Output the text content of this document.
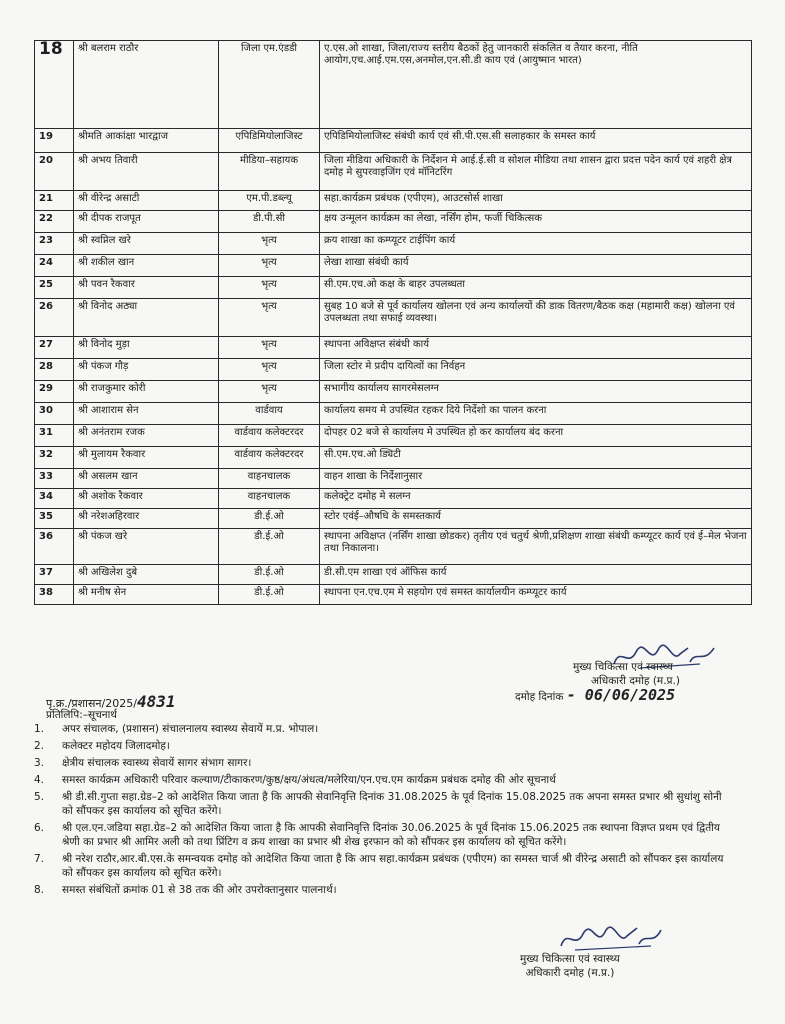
18	श्री बलराम राठौर	जिला एम.एंडडी	ए.एस.ओ शाखा, जिला/राज्य स्तरीय बैठकों हेतु जानकारी संकलित व तैयार करना, नीति आयोग,एच.आई.एम.एस,अनमोल,एन.सी.डी काय एवं (आयुष्मान भारत)
19	श्रीमति आकांक्षा भारद्वाज	एपिडिमियोलाजिस्ट	एपिडिमियोलाजिस्ट संबंधी कार्य एवं सी.पी.एस.सी सलाहकार के समस्त कार्य
20	श्री अभय तिवारी	मीडिया–सहायक	जिला मीडिया अधिकारी के निर्देशन मे आई.ई.सी व सोशल मीडिया तथा शासन द्वारा प्रदत्त पदेन कार्य एवं शहरी क्षेत्र दमोह मे सुपरवाइजिंग एवं मॉनिटरिंग
21	श्री वीरेन्द्र असाटी	एम.पी.डब्ल्यू	सहा.कार्यक्रम प्रबंधक (एपीएम), आउटसोर्स शाखा
22	श्री दीपक राजपूत	डी.पी.सी	क्षय उन्मूलन कार्यक्रम का लेखा, नर्सिंग होम, फर्जी चिकित्सक
23	श्री स्वप्निल खरे	भृत्य	क्रय शाखा का कम्प्यूटर टाईपिंग कार्य
24	श्री शकील खान	भृत्य	लेखा शाखा संबंधी कार्य
25	श्री पवन रैकवार	भृत्य	सी.एम.एच.ओ कक्ष के बाहर उपलब्धता
26	श्री विनोद अठ्या	भृत्य	सुबह 10 बजे से पूर्व कार्यालय खोलना एवं अन्य कार्यालयों की डाक वितरण/बैठक कक्ष (महामारी कक्ष) खोलना एवं उपलब्धता तथा सफाई व्यवस्था।
27	श्री विनोद मुड़ा	भृत्य	स्थापना अविक्षप्त संबंधी कार्य
28	श्री पंकज गौड़	भृत्य	जिला स्टोर मे प्रदीप दायित्वों का निर्वहन
29	श्री राजकुमार कोरी	भृत्य	सभागीय कार्यालय सागरमेसलग्न
30	श्री आशाराम सेन	वार्डवाय	कार्यालय समय मे उपस्थित रहकर दिये निर्देशो का पालन करना
31	श्री अनंतराम रजक	वार्डवाय कलेक्टरदर	दोपहर 02 बजे से कार्यालय मे उपस्थित हो कर कार्यालय बंद करना
32	श्री मुलायम रैकवार	वार्डवाय कलेक्टरदर	सी.एम.एच.ओ ड्यिटी
33	श्री असलम खान	वाहनचालक	वाहन शाखा के निर्देशानुसार
34	श्री अशोक रैकवार	वाहनचालक	कलेक्ट्रेट दमोह मे सलग्न
35	श्री नरेशअहिरवार	डी.ई.ओ	स्टोर एवंई–औषधि के समस्तकार्य
36	श्री पंकज खरे	डी.ई.ओ	स्थापना अविक्षप्त (नर्सिंग शाखा छोडकर) तृतीय एवं चतुर्थ श्रेणी,प्रशिक्षण शाखा संबंधी कम्प्यूटर कार्य एवं ई–मेल भेजना तथा निकालना।
37	श्री अखिलेश दुबे	डी.ई.ओ	डी.सी.एम शाखा एवं ऑफिस कार्य
38	श्री मनीष सेन	डी.ई.ओ	स्थापना एन.एच.एम मे सहयोग एवं समस्त कार्यालयीन कम्प्यूटर कार्य
मुख्य चिकित्सा एवं स्वास्थ्य
अधिकारी दमोह (म.प्र.)
दमोह दिनांक - 06/06/2025
पृ.क्र./प्रशासन/2025/4831
प्रतिलिपि:–सूचनार्थ
1.	अपर संचालक, (प्रशासन) संचालनालय स्वास्थ्य सेवायें म.प्र. भोपाल।
2.	कलेक्टर महोदय जिलादमोह।
3.	क्षेत्रीय संचालक स्वास्थ्य सेवायें सागर संभाग सागर।
4.	समस्त कार्यक्रम अधिकारी परिवार कल्याण/टीकाकरण/कुष्ठ/क्षय/अंधत्व/मलेरिया/एन.एच.एम कार्यक्रम प्रबंधक दमोह की ओर सूचनार्थ
5.	श्री डी.सी.गुप्ता सहा.ग्रेड–2 को आदेशित किया जाता है कि आपकी सेवानिवृत्ति दिनांक 31.08.2025 के पूर्व दिनांक 15.08.2025 तक अपना समस्त प्रभार श्री सुधांशु सोनी को सौंपकर इस कार्यालय को सूचित करेंगे।
6.	श्री एल.एन.जडिया सहा.ग्रेड–2 को आदेशित किया जाता है कि आपकी सेवानिवृत्ति दिनांक 30.06.2025 के पूर्व दिनांक 15.06.2025 तक स्थापना विज्ञप्त प्रथम एवं द्वितीय श्रेणी का प्रभार श्री आमिर अली को तथा प्रिंटिग व क्रय शाखा का प्रभार श्री शेख इरफान को को सौंपकर इस कार्यालय को सूचित करेंगे।
7.	श्री नरेश राठौर,आर.बी.एस.के समन्वयक दमोह को आदेशित किया जाता है कि आप सहा.कार्यक्रम प्रबंधक (एपीएम) का समस्त चार्ज श्री वीरेन्द्र असाटी को सौंपकर इस कार्यालय को सौंपकर इस कार्यालय को सूचित करेंगे।
8.	समस्त संबंधितों क्रमांक 01 से 38 तक की ओर उपरोक्तानुसार पालनार्थ।
मुख्य चिकित्सा एवं स्वास्थ्य
अधिकारी दमोह (म.प्र.)
